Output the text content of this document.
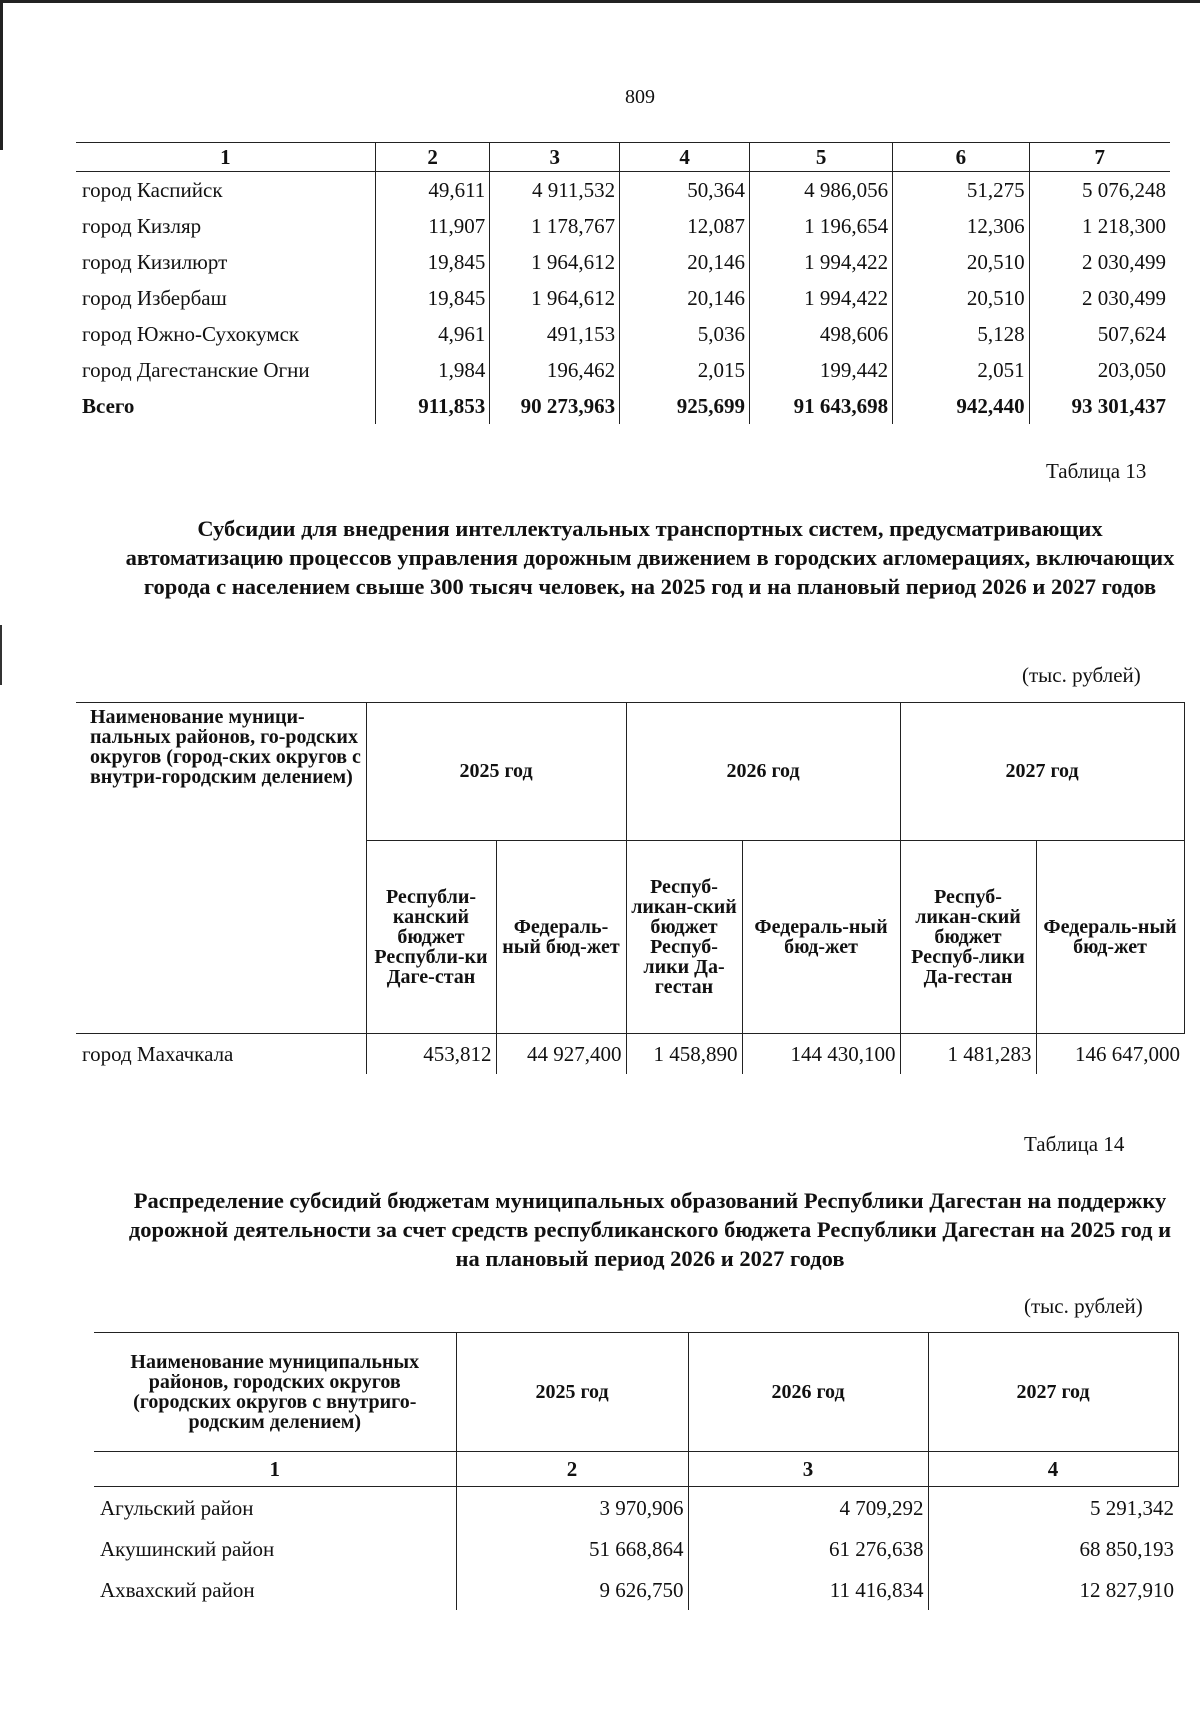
809
1	2	3	4	5	6	7
город Каспийск	49,611	4 911,532	50,364	4 986,056	51,275	5 076,248
город Кизляр	11,907	1 178,767	12,087	1 196,654	12,306	1 218,300
город Кизилюрт	19,845	1 964,612	20,146	1 994,422	20,510	2 030,499
город Избербаш	19,845	1 964,612	20,146	1 994,422	20,510	2 030,499
город Южно-Сухокумск	4,961	491,153	5,036	498,606	5,128	507,624
город Дагестанские Огни	1,984	196,462	2,015	199,442	2,051	203,050
Всего	911,853	90 273,963	925,699	91 643,698	942,440	93 301,437
Таблица 13
Субсидии для внедрения интеллектуальных транспортных систем, предусматривающих автоматизацию процессов управления дорожным движением в городских агломерациях, включающих города с населением свыше 300 тысяч человек, на 2025 год и на плановый период 2026 и 2027 годов
(тыс. рублей)
Наименование муници-пальных районов, го-родских округов (город-ских округов с внутри-городским делением)	2025 год		2026 год		2027 год	
	Республи-канский бюджет Республи-ки Даге-стан	Федераль-ный бюд-жет	Респуб-ликан-ский бюджет Респуб-лики Да-гестан	Федераль-ный бюд-жет	Респуб-ликан-ский бюджет Респуб-лики Да-гестан	Федераль-ный бюд-жет
город Махачкала	453,812	44 927,400	1 458,890	144 430,100	1 481,283	146 647,000
Таблица 14
Распределение субсидий бюджетам муниципальных образований Республики Дагестан на поддержку дорожной деятельности за счет средств республиканского бюджета Республики Дагестан на 2025 год и на плановый период 2026 и 2027 годов
(тыс. рублей)
Наименование муниципальных районов, городских округов (городских округов с внутриго-родским делением)	2025 год	2026 год	2027 год
1	2	3	4
Агульский район	3 970,906	4 709,292	5 291,342
Акушинский район	51 668,864	61 276,638	68 850,193
Ахвахский район	9 626,750	11 416,834	12 827,910
